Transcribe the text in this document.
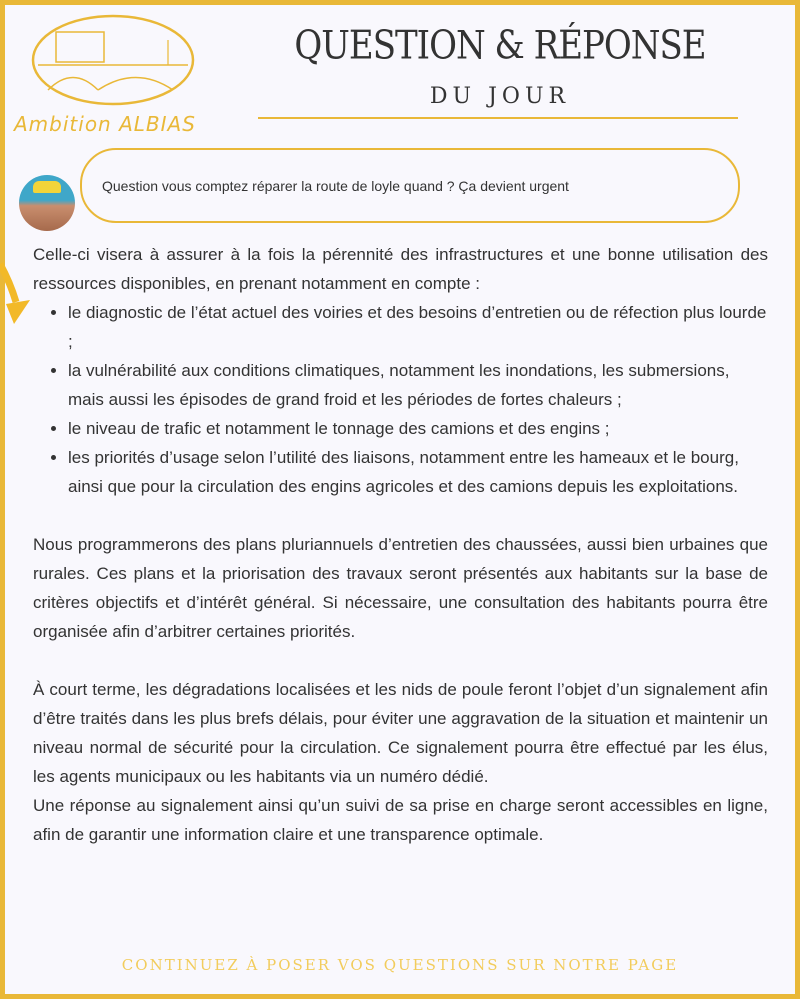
Ambition ALBIAS
QUESTION & RÉPONSE
DU JOUR
Question vous comptez réparer la route de loyle quand ? Ça devient urgent

Celle-ci visera à assurer à la fois la pérennité des infrastructures et une bonne utilisation des ressources disponibles, en prenant notamment en compte :

• le diagnostic de l’état actuel des voiries et des besoins d’entretien ou de réfection plus lourde ;
• la vulnérabilité aux conditions climatiques, notamment les inondations, les submersions, mais aussi les épisodes de grand froid et les périodes de fortes chaleurs ;
• le niveau de trafic et notamment le tonnage des camions et des engins ;
• les priorités d’usage selon l’utilité des liaisons, notamment entre les hameaux et le bourg, ainsi que pour la circulation des engins agricoles et des camions depuis les exploitations.

Nous programmerons des plans pluriannuels d’entretien des chaussées, aussi bien urbaines que rurales. Ces plans et la priorisation des travaux seront présentés aux habitants sur la base de critères objectifs et d’intérêt général. Si nécessaire, une consultation des habitants pourra être organisée afin d’arbitrer certaines priorités.

À court terme, les dégradations localisées et les nids de poule feront l’objet d’un signalement afin d’être traités dans les plus brefs délais, pour éviter une aggravation de la situation et maintenir un niveau normal de sécurité pour la circulation. Ce signalement pourra être effectué par les élus, les agents municipaux ou les habitants via un numéro dédié.

Une réponse au signalement ainsi qu’un suivi de sa prise en charge seront accessibles en ligne, afin de garantir une information claire et une transparence optimale.

CONTINUEZ À POSER VOS QUESTIONS SUR NOTRE PAGE
